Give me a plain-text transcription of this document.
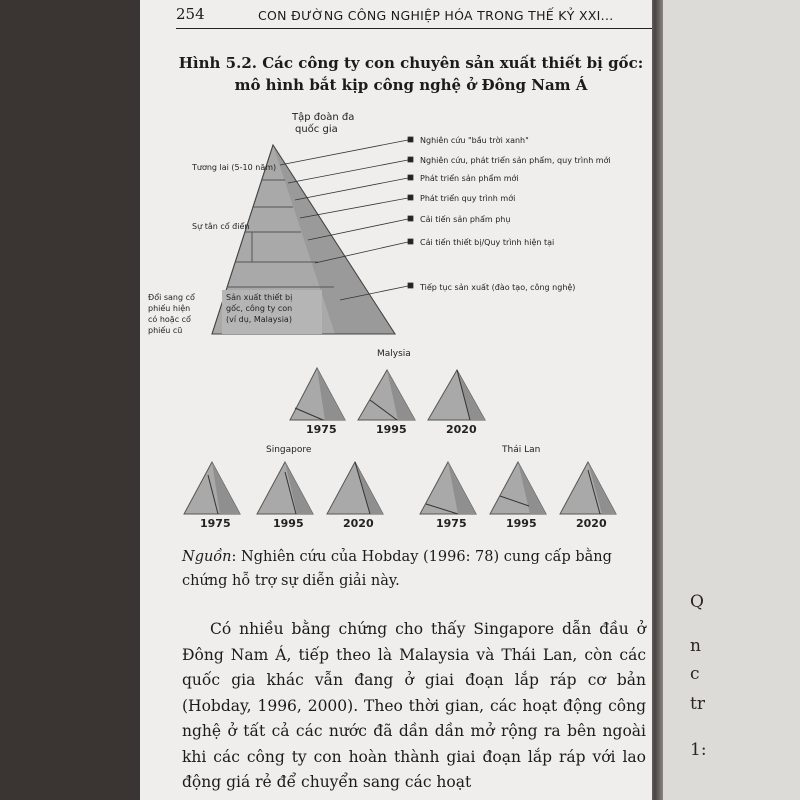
Q
n
c
tr
1:
254	CON ĐƯỜNG CÔNG NGHIỆP HÓA TRONG THẾ KỶ XXI...
Hình 5.2. Các công ty con chuyên sản xuất thiết bị gốc:
mô hình bắt kịp công nghệ ở Đông Nam Á
Tập đoàn đa
quốc gia
Tương lai (5-10 năm)
Sự tân cổ điển
Đổi sang cổ
phiếu hiện
có hoặc cổ
phiếu cũ
Sản xuất thiết bị
gốc, công ty con
(ví dụ, Malaysia)
Nghiên cứu "bầu trời xanh"
Nghiên cứu, phát triển sản phẩm, quy trình mới
Phát triển sản phẩm mới
Phát triển quy trình mới
Cải tiến sản phẩm phụ
Cải tiến thiết bị/Quy trình hiện tại
Tiếp tục sản xuất (đào tạo, công nghệ)
Malysia
1975	1995	2020
Singapore
1975	1995	2020
Thái Lan
1975	1995	2020
Nguồn: Nghiên cứu của Hobday (1996: 78) cung cấp bằng chứng hỗ trợ sự diễn giải này.

Có nhiều bằng chứng cho thấy Singapore dẫn đầu ở Đông Nam Á, tiếp theo là Malaysia và Thái Lan, còn các quốc gia khác vẫn đang ở giai đoạn lắp ráp cơ bản (Hobday, 1996, 2000). Theo thời gian, các hoạt động công nghệ ở tất cả các nước đã dần dần mở rộng ra bên ngoài khi các công ty con hoàn thành giai đoạn lắp ráp với lao động giá rẻ để chuyển sang các hoạt
